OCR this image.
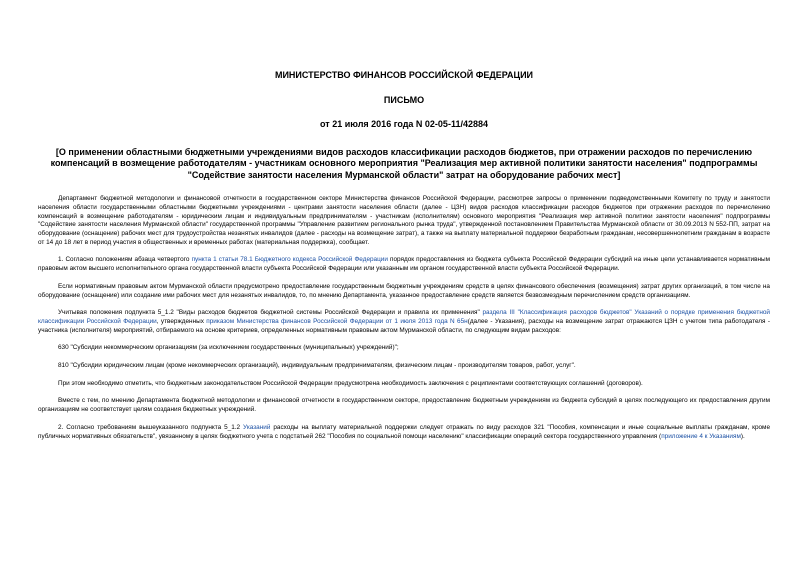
МИНИСТЕРСТВО ФИНАНСОВ РОССИЙСКОЙ ФЕДЕРАЦИИ
ПИСЬМО
от 21 июля 2016 года N 02-05-11/42884
[О применении областными бюджетными учреждениями видов расходов классификации расходов бюджетов, при отражении расходов по перечислению компенсаций в возмещение работодателям - участникам основного мероприятия "Реализация мер активной политики занятости населения" подпрограммы "Содействие занятости населения Мурманской области" затрат на оборудование рабочих мест]

Департамент бюджетной методологии и финансовой отчетности в государственном секторе Министерства финансов Российской Федерации, рассмотрев запросы о применении подведомственными Комитету по труду и занятости населения области государственными областными бюджетными учреждениями - центрами занятости населения области (далее - ЦЗН) видов расходов классификации расходов бюджетов при отражении расходов по перечислению компенсаций в возмещение работодателям - юридическим лицам и индивидуальным предпринимателям - участникам (исполнителям) основного мероприятия "Реализация мер активной политики занятости населения" подпрограммы "Содействие занятости населения Мурманской области" государственной программы "Управление развитием регионального рынка труда", утвержденной постановлением Правительства Мурманской области от 30.09.2013 N 552-ПП, затрат на оборудование (оснащение) рабочих мест для трудоустройства незанятых инвалидов (далее - расходы на возмещение затрат), а также на выплату материальной поддержки безработным гражданам, несовершеннолетним гражданам в возрасте от 14 до 18 лет в период участия в общественных и временных работах (материальная поддержка), сообщает.

1. Согласно положениям абзаца четвертого пункта 1 статьи 78.1 Бюджетного кодекса Российской Федерации порядок предоставления из бюджета субъекта Российской Федерации субсидий на иные цели устанавливается нормативным правовым актом высшего исполнительного органа государственной власти субъекта Российской Федерации или указанным им органом государственной власти субъекта Российской Федерации.

Если нормативным правовым актом Мурманской области предусмотрено предоставление государственным бюджетным учреждениям средств в целях финансового обеспечения (возмещения) затрат других организаций, в том числе на оборудование (оснащение) или создание ими рабочих мест для незанятых инвалидов, то, по мнению Департамента, указанное предоставление средств является безвозмездным перечислением средств организациям.

Учитывая положения подпункта 5_1.2 "Виды расходов бюджетов бюджетной системы Российской Федерации и правила их применения" раздела III "Классификация расходов бюджетов" Указаний о порядке применения бюджетной классификации Российской Федерации, утвержденных приказом Министерства финансов Российской Федерации от 1 июля 2013 года N 65н(далее - Указания), расходы на возмещение затрат отражаются ЦЗН с учетом типа работодателя - участника (исполнителя) мероприятий, отбираемого на основе критериев, определенных нормативным правовым актом Мурманской области, по следующим видам расходов:

630 "Субсидии некоммерческим организациям (за исключением государственных (муниципальных) учреждений)";

810 "Субсидии юридическим лицам (кроме некоммерческих организаций), индивидуальным предпринимателям, физическим лицам - производителям товаров, работ, услуг".

При этом необходимо отметить, что бюджетным законодательством Российской Федерации предусмотрена необходимость заключения с реципиентами соответствующих соглашений (договоров).

Вместе с тем, по мнению Департамента бюджетной методологии и финансовой отчетности в государственном секторе, предоставление бюджетным учреждениям из бюджета субсидий в целях последующего их предоставления другим организациям не соответствует целям создания бюджетных учреждений.

2. Согласно требованиям вышеуказанного подпункта 5_1.2 Указаний расходы на выплату материальной поддержки следует отражать по виду расходов 321 "Пособия, компенсации и иные социальные выплаты гражданам, кроме публичных нормативных обязательств", увязанному в целях бюджетного учета с подстатьей 262 "Пособия по социальной помощи населению" классификации операций сектора государственного управления (приложение 4 к Указаниям).
